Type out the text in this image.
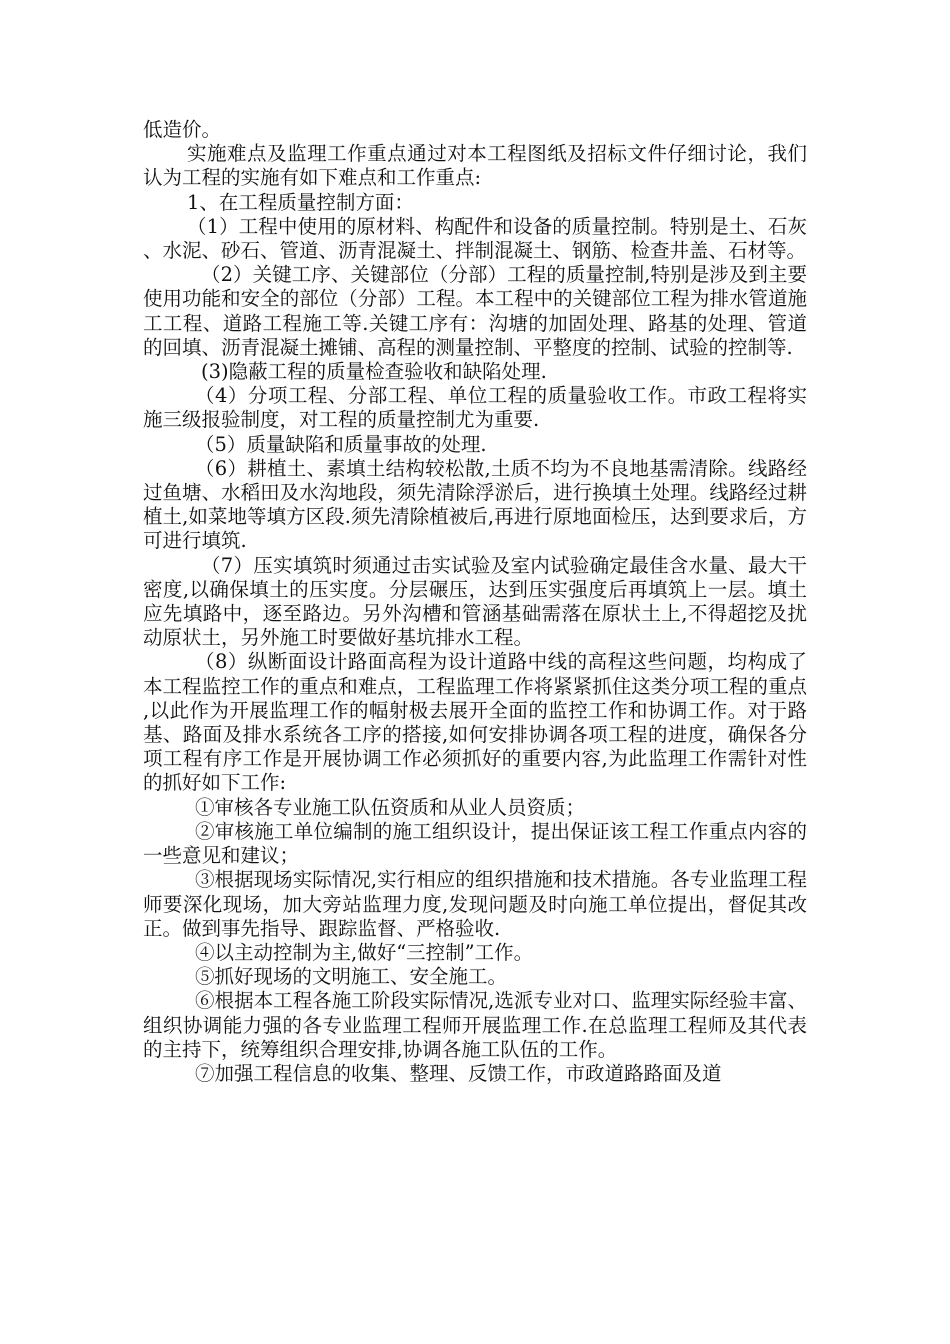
低造价。

实施难点及监理工作重点通过对本工程图纸及招标文件仔细讨论，我们认为工程的实施有如下难点和工作重点:

1、在工程质量控制方面：

（1）工程中使用的原材料、构配件和设备的质量控制。特别是土、石灰、水泥、砂石、管道、沥青混凝土、拌制混凝土、钢筋、检查井盖、石材等。

（2）关键工序、关键部位（分部）工程的质量控制,特别是涉及到主要使用功能和安全的部位（分部）工程。本工程中的关键部位工程为排水管道施工工程、道路工程施工等.关键工序有：沟塘的加固处理、路基的处理、管道的回填、沥青混凝土摊铺、高程的测量控制、平整度的控制、试验的控制等.

(3)隐蔽工程的质量检查验收和缺陷处理.

（4）分项工程、分部工程、单位工程的质量验收工作。市政工程将实施三级报验制度，对工程的质量控制尤为重要.

（5）质量缺陷和质量事故的处理.

（6）耕植土、素填土结构较松散,土质不均为不良地基需清除。线路经过鱼塘、水稻田及水沟地段，须先清除浮淤后，进行换填土处理。线路经过耕植土,如菜地等填方区段.须先清除植被后,再进行原地面检压，达到要求后，方可进行填筑.

（7）压实填筑时须通过击实试验及室内试验确定最佳含水量、最大干密度,以确保填土的压实度。分层碾压，达到压实强度后再填筑上一层。填土应先填路中，逐至路边。另外沟槽和管涵基础需落在原状土上,不得超挖及扰动原状土，另外施工时要做好基坑排水工程。

（8）纵断面设计路面高程为设计道路中线的高程这些问题，均构成了本工程监控工作的重点和难点，工程监理工作将紧紧抓住这类分项工程的重点,以此作为开展监理工作的幅射极去展开全面的监控工作和协调工作。对于路基、路面及排水系统各工序的搭接,如何安排协调各项工程的进度，确保各分项工程有序工作是开展协调工作必须抓好的重要内容,为此监理工作需针对性的抓好如下工作:

①审核各专业施工队伍资质和从业人员资质；

②审核施工单位编制的施工组织设计，提出保证该工程工作重点内容的一些意见和建议；

③根据现场实际情况,实行相应的组织措施和技术措施。各专业监理工程师要深化现场，加大旁站监理力度,发现问题及时向施工单位提出，督促其改正。做到事先指导、跟踪监督、严格验收.

④以主动控制为主,做好“三控制”工作。

⑤抓好现场的文明施工、安全施工。

⑥根据本工程各施工阶段实际情况,选派专业对口、监理实际经验丰富、组织协调能力强的各专业监理工程师开展监理工作.在总监理工程师及其代表的主持下，统筹组织合理安排,协调各施工队伍的工作。

⑦加强工程信息的收集、整理、反馈工作，市政道路路面及道
